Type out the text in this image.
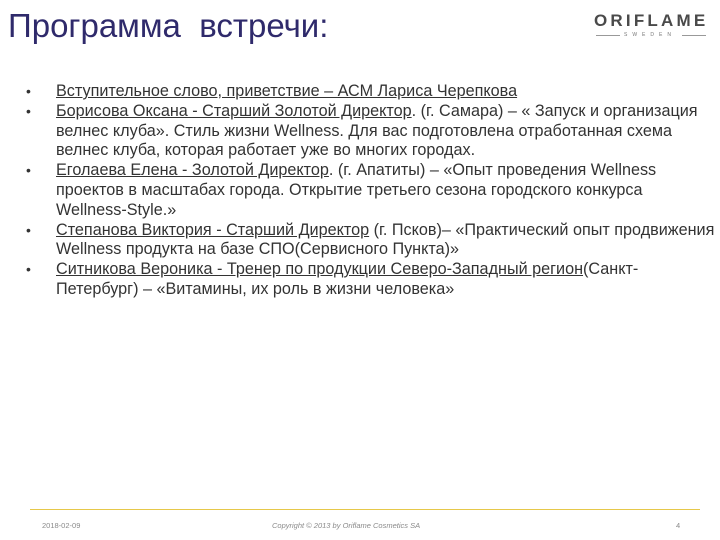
Программа  встречи:	ORIFLAME
SWEDEN
• Вступительное слово, приветствие – АСМ Лариса Черепкова
• Борисова Оксана - Старший Золотой Директор. (г. Самара) – « Запуск и организация велнес клуба». Стиль жизни Wellness. Для вас подготовлена отработанная схема велнес клуба, которая работает уже во многих городах.
• Еголаева Елена - Золотой Директор. (г. Апатиты) – «Опыт проведения Wellness проектов в масштабах города. Открытие третьего сезона городского конкурса Wellness-Style.»
• Степанова Виктория - Старший Директор (г. Псков)– «Практический опыт продвижения Wellness продукта на базе СПО(Сервисного Пункта)»
• Ситникова Вероника - Тренер по продукции Северо-Западный регион(Санкт-Петербург) – «Витамины, их роль в жизни человека»
2018-02-09	Copyright © 2013 by Oriflame Cosmetics SA	4
